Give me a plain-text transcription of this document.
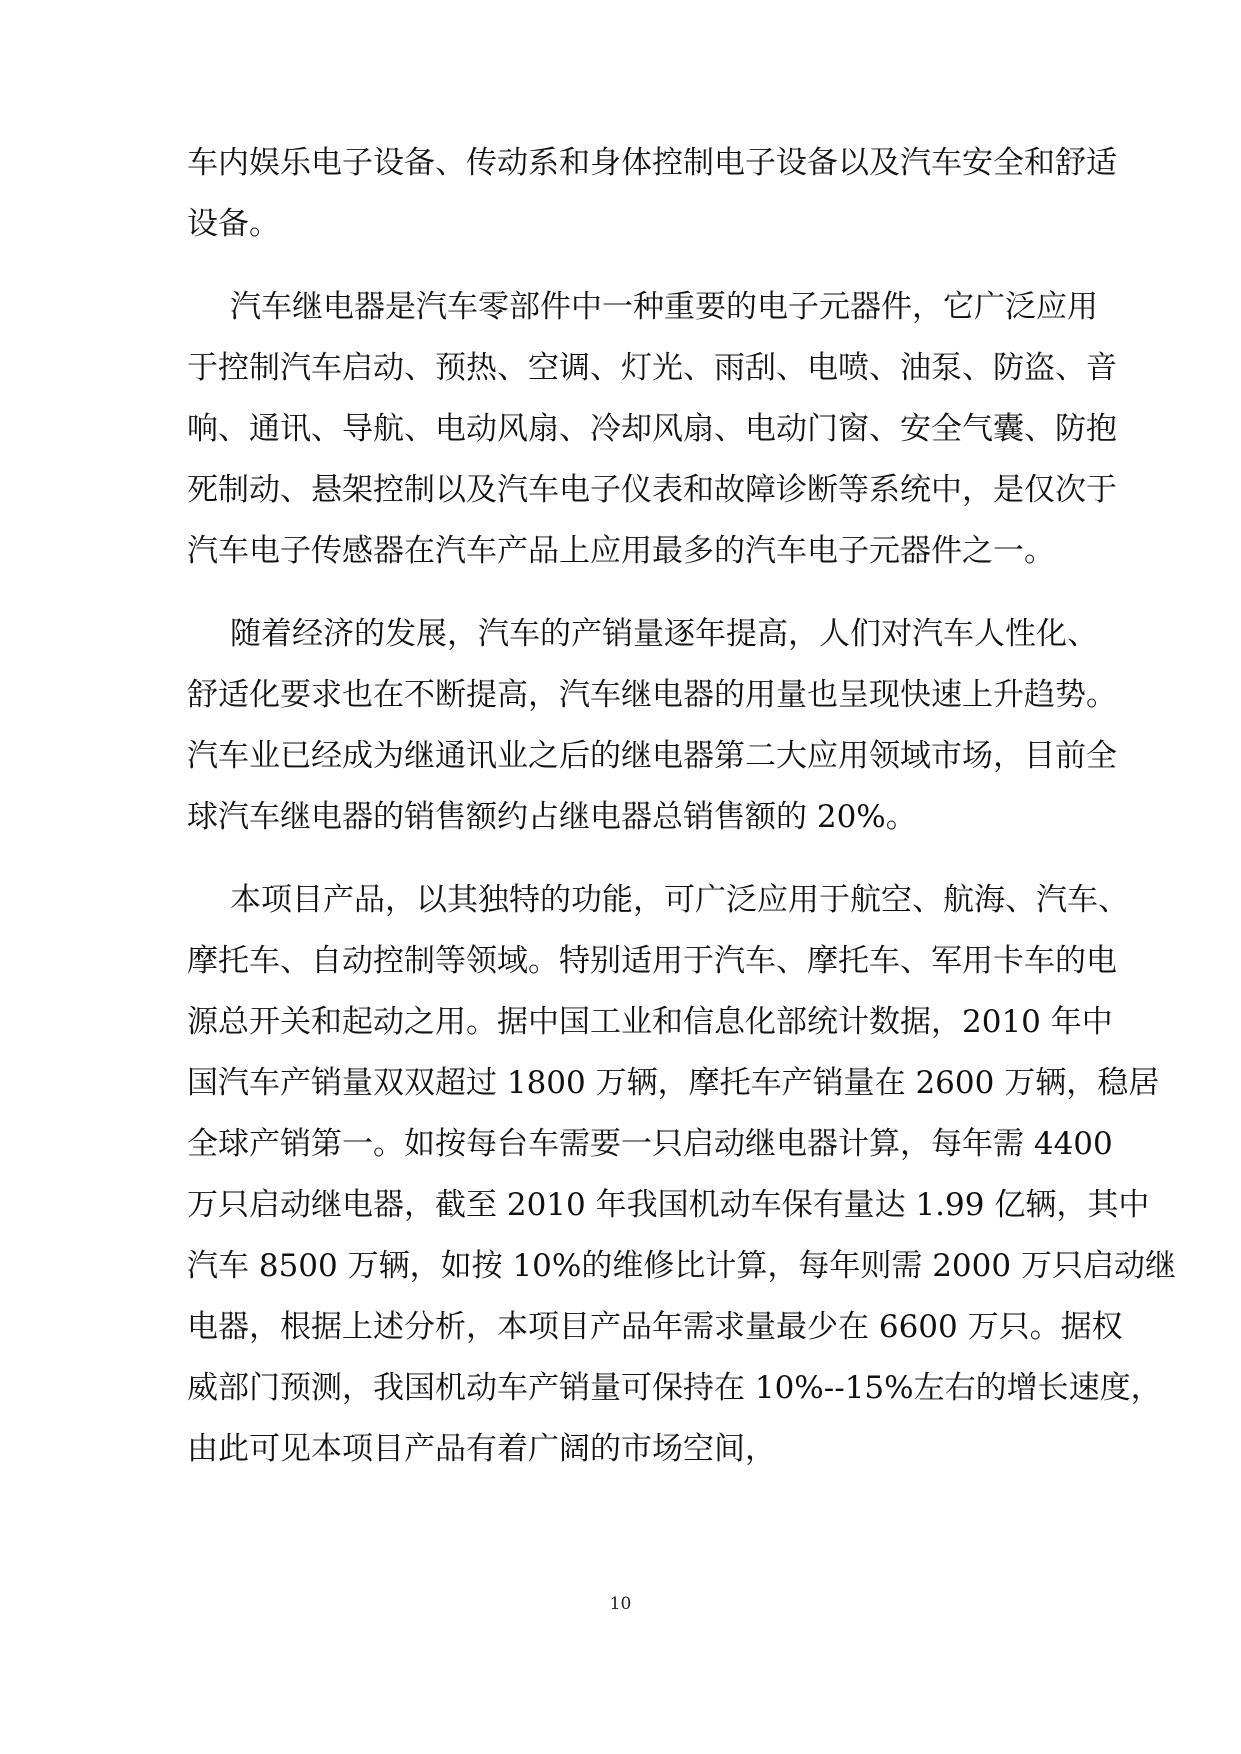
车内娱乐电子设备、传动系和身体控制电子设备以及汽车安全和舒适
设备。
汽车继电器是汽车零部件中一种重要的电子元器件，它广泛应用
于控制汽车启动、预热、空调、灯光、雨刮、电喷、油泵、防盗、音
响、通讯、导航、电动风扇、冷却风扇、电动门窗、安全气囊、防抱
死制动、悬架控制以及汽车电子仪表和故障诊断等系统中，是仅次于
汽车电子传感器在汽车产品上应用最多的汽车电子元器件之一。
随着经济的发展，汽车的产销量逐年提高，人们对汽车人性化、
舒适化要求也在不断提高，汽车继电器的用量也呈现快速上升趋势。
汽车业已经成为继通讯业之后的继电器第二大应用领域市场，目前全
球汽车继电器的销售额约占继电器总销售额的 20%。
本项目产品，以其独特的功能，可广泛应用于航空、航海、汽车、
摩托车、自动控制等领域。特别适用于汽车、摩托车、军用卡车的电
源总开关和起动之用。据中国工业和信息化部统计数据，2010 年中
国汽车产销量双双超过 1800 万辆，摩托车产销量在 2600 万辆，稳居
全球产销第一。如按每台车需要一只启动继电器计算，每年需 4400
万只启动继电器，截至 2010 年我国机动车保有量达 1.99 亿辆，其中
汽车 8500 万辆，如按 10%的维修比计算，每年则需 2000 万只启动继
电器，根据上述分析，本项目产品年需求量最少在 6600 万只。据权
威部门预测，我国机动车产销量可保持在 10%--15%左右的增长速度，
由此可见本项目产品有着广阔的市场空间，
10
